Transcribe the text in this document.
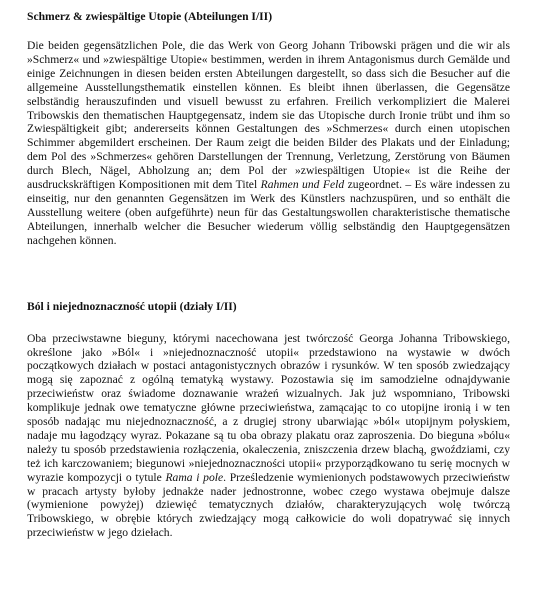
Schmerz & zwiespältige Utopie (Abteilungen I/II)

Die beiden gegensätzlichen Pole, die das Werk von Georg Johann Tribowski prägen und die wir als »Schmerz« und »zwiespältige Utopie« bestimmen, werden in ihrem Antagonismus durch Gemälde und einige Zeichnungen in diesen beiden ersten Abteilungen dargestellt, so dass sich die Besucher auf die allgemeine Ausstellungsthematik einstellen können. Es bleibt ihnen überlassen, die Gegensätze selbständig herauszufinden und visuell bewusst zu erfahren. Freilich verkompliziert die Malerei Tribowskis den thematischen Hauptgegensatz, indem sie das Utopische durch Ironie trübt und ihm so Zwiespältigkeit gibt; andererseits können Gestaltungen des »Schmerzes« durch einen utopischen Schimmer abgemildert erscheinen. Der Raum zeigt die beiden Bilder des Plakats und der Einladung; dem Pol des »Schmerzes« gehören Darstellungen der Trennung, Verletzung, Zerstörung von Bäumen durch Blech, Nägel, Abholzung an; dem Pol der »zwiespältigen Utopie« ist die Reihe der ausdruckskräftigen Kompositionen mit dem Titel Rahmen und Feld zugeordnet. – Es wäre indessen zu einseitig, nur den genannten Gegensätzen im Werk des Künstlers nachzuspüren, und so enthält die Ausstellung weitere (oben aufgeführte) neun für das Gestaltungswollen charakteristische thematische Abteilungen, innerhalb welcher die Besucher wiederum völlig selbständig den Hauptgegensätzen nachgehen können.

Ból i niejednoznaczność utopii (działy I/II)

Oba przeciwstawne bieguny, którymi nacechowana jest twórczość Georga Johanna Tribowskiego, określone jako »Ból« i »niejednoznaczność utopii« przedstawiono na wystawie w dwóch początkowych działach w postaci antagonistycznych obrazów i rysunków. W ten sposób zwiedzający mogą się zapoznać z ogólną tematyką wystawy. Pozostawia się im samodzielne odnajdywanie przeciwieństw oraz świadome doznawanie wrażeń wizualnych. Jak już wspomniano, Tribowski komplikuje jednak owe tematyczne główne przeciwieństwa, zamącając to co utopijne ironią i w ten sposób nadając mu niejednoznaczność, a z drugiej strony ubarwiając »ból« utopijnym połyskiem, nadaje mu łagodzący wyraz. Pokazane są tu oba obrazy plakatu oraz zaproszenia. Do bieguna »bólu« należy tu sposób przedstawienia rozłączenia, okaleczenia, zniszczenia drzew blachą, gwoździami, czy też ich karczowaniem; biegunowi »niejednoznaczności utopii« przyporządkowano tu serię mocnych w wyrazie kompozycji o tytule Rama i pole. Prześledzenie wymienionych podstawowych przeciwieństw w pracach artysty byłoby jednakże nader jednostronne, wobec czego wystawa obejmuje dalsze (wymienione powyżej) dziewięć tematycznych działów, charakteryzujących wolę twórczą Tribowskiego, w obrębie których zwiedzający mogą całkowicie do woli dopatrywać się innych przeciwieństw w jego dziełach.
